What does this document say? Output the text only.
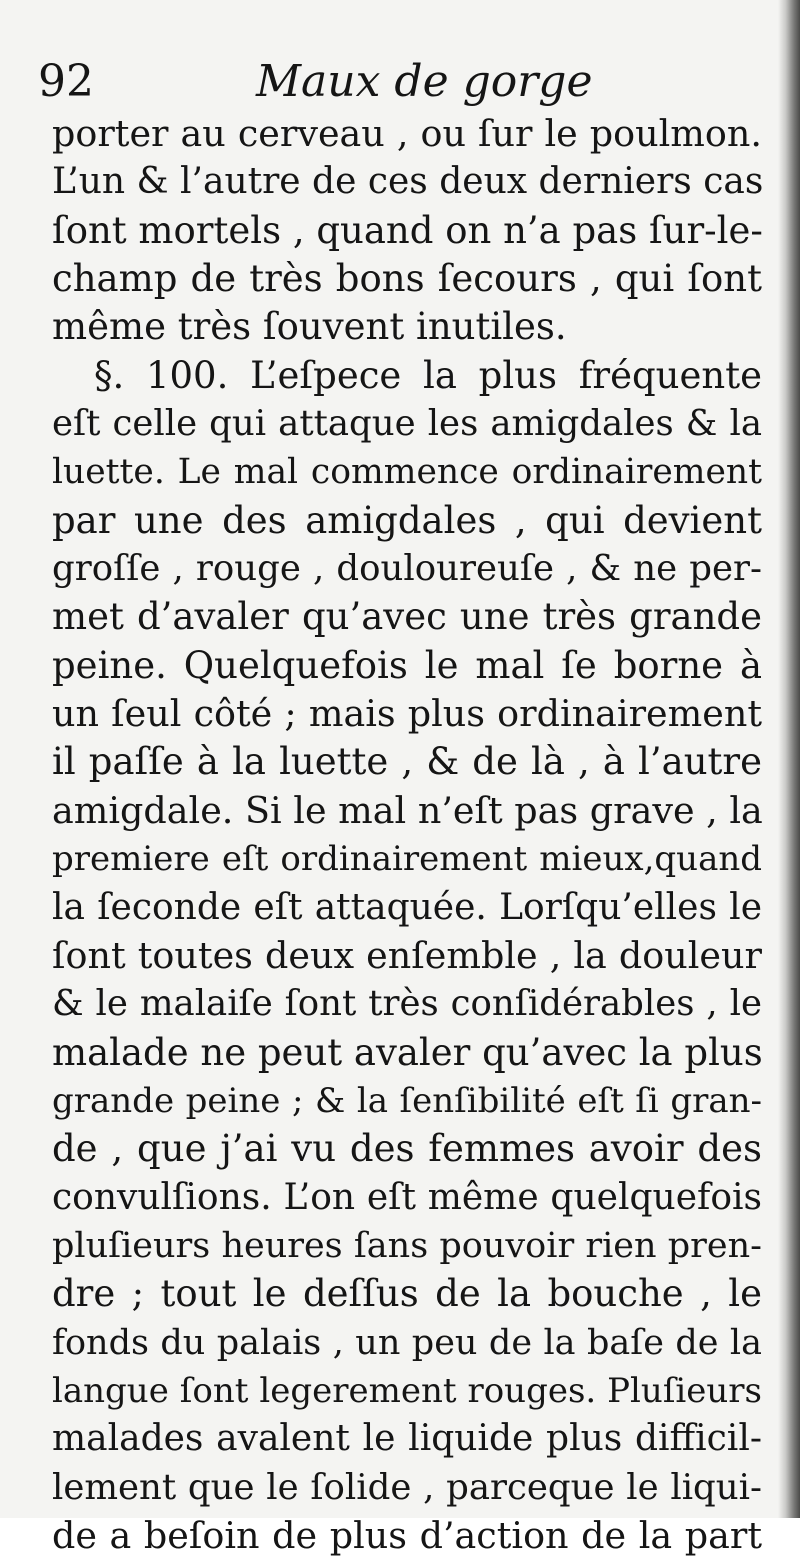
92	Maux de gorge
porter au cerveau , ou ſur le poulmon.
L’un & l’autre de ces deux derniers cas
ſont mortels , quand on n’a pas ſur-le-
champ de très bons ſecours , qui ſont
même très ſouvent inutiles.
§. 100. L’eſpece la plus fréquente
eſt celle qui attaque les amigdales & la
luette. Le mal commence ordinairement
par une des amigdales , qui devient
groſſe , rouge , douloureuſe , & ne per-
met d’avaler qu’avec une très grande
peine. Quelquefois le mal ſe borne à
un ſeul côté ; mais plus ordinairement
il paſſe à la luette , & de là , à l’autre
amigdale. Si le mal n’eſt pas grave , la
premiere eſt ordinairement mieux,quand
la ſeconde eſt attaquée. Lorſqu’elles le
ſont toutes deux enſemble , la douleur
& le malaiſe ſont très conſidérables , le
malade ne peut avaler qu’avec la plus
grande peine ; & la ſenſibilité eſt ſi gran-
de , que j’ai vu des femmes avoir des
convulſions. L’on eſt même quelquefois
pluſieurs heures ſans pouvoir rien pren-
dre ; tout le deſſus de la bouche , le
fonds du palais , un peu de la baſe de la
langue ſont legerement rouges. Pluſieurs
malades avalent le liquide plus difficil-
lement que le ſolide , parceque le liqui-
de a beſoin de plus d’action de la part
